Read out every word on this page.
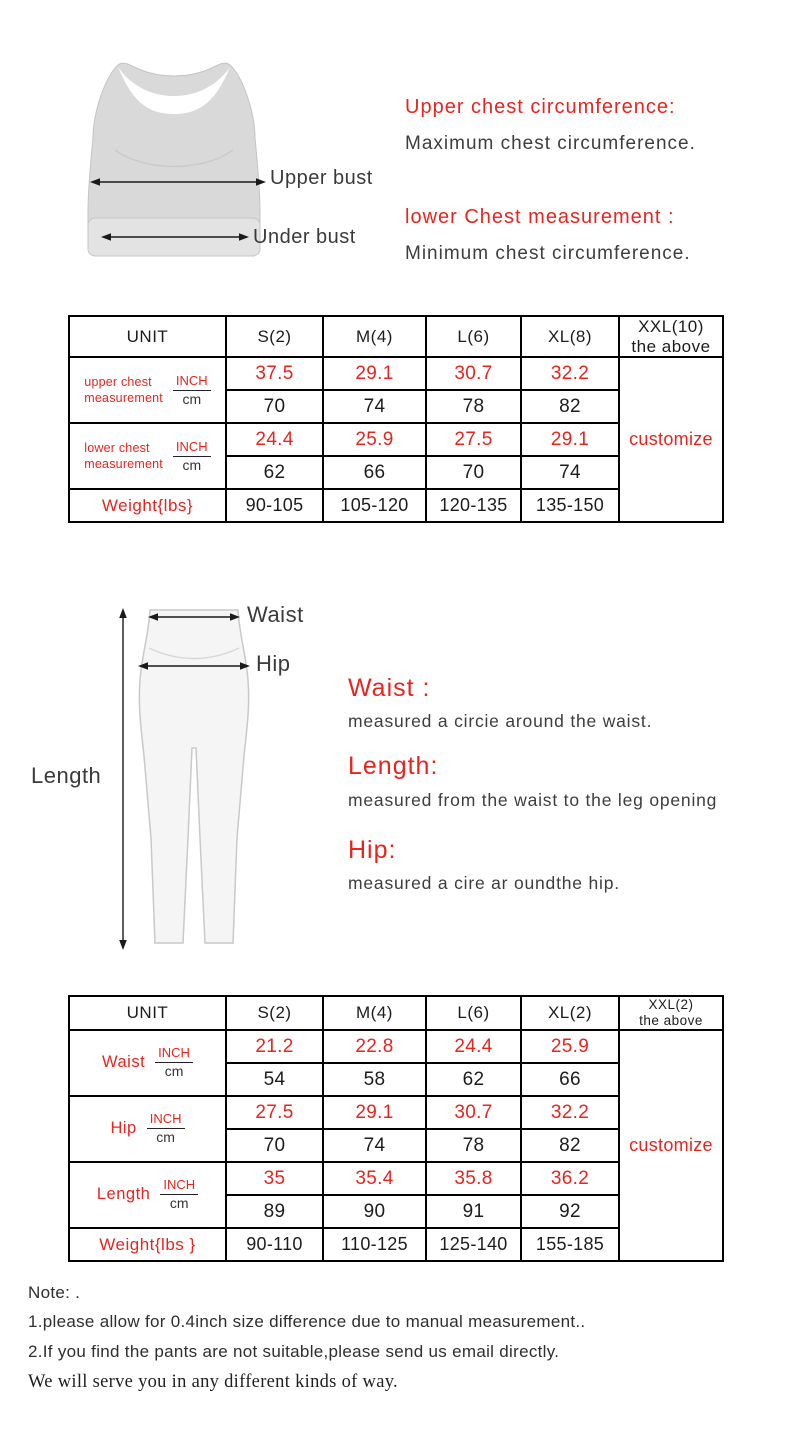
Upper bust
Under bust
Upper chest circumference:
Maximum chest circumference.
lower Chest measurement :
Minimum chest circumference.
UNIT	S(2)	M(4)	L(6)	XL(8)	XXL(10)
the above

upper chest
measurement $\frac{\text{INCH}}{cm}$	37.5	29.1	30.7	32.2	customize
	70	74	78	82	

lower chest
measurement $\frac{\text{INCH}}{cm}$	24.4	25.9	27.5	29.1	
	62	66	70	74	
Weight{lbs}	90-105	105-120	120-135	135-150	
Waist
Hip
Length
Waist :
measured a circie around the waist.
Length:
measured from the waist to the leg opening
Hip:
measured a cire ar oundthe hip.
UNIT	S(2)	M(4)	L(6)	XL(2)	XXL(2)
the above

Waist $\frac{\text{INCH}}{cm}$	21.2	22.8	24.4	25.9	customize
	54	58	62	66	

Hip $\frac{\text{INCH}}{cm}$	27.5	29.1	30.7	32.2	
	70	74	78	82	

Length $\frac{\text{INCH}}{cm}$	35	35.4	35.8	36.2	
	89	90	91	92	
Weight{lbs }	90-110	110-125	125-140	155-185	
Note: .
1.please allow for 0.4inch size difference due to manual measurement..
2.If you find the pants are not suitable,please send us email directly.
We will serve you in any different kinds of way.
